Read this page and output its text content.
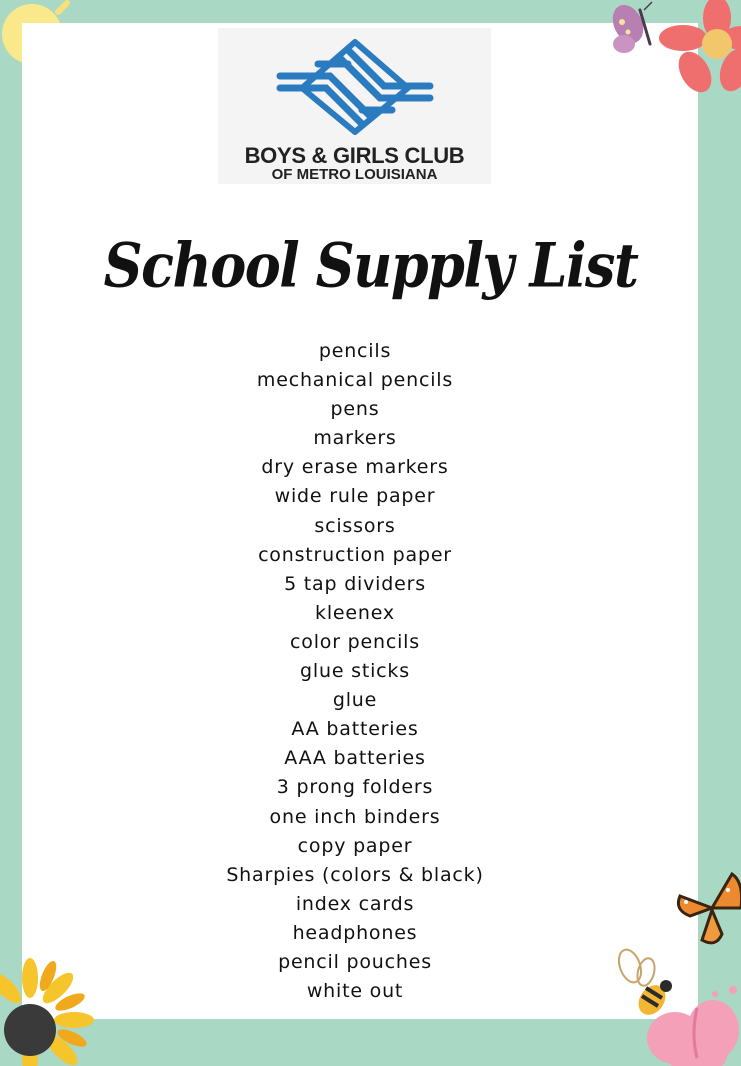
BOYS & GIRLS CLUB
OF METRO LOUISIANA
School Supply List
pencils
mechanical pencils
pens
markers
dry erase markers
wide rule paper
scissors
construction paper
5 tap dividers
kleenex
color pencils
glue sticks
glue
AA batteries
AAA batteries
3 prong folders
one inch binders
copy paper
Sharpies (colors & black)
index cards
headphones
pencil pouches
white out
